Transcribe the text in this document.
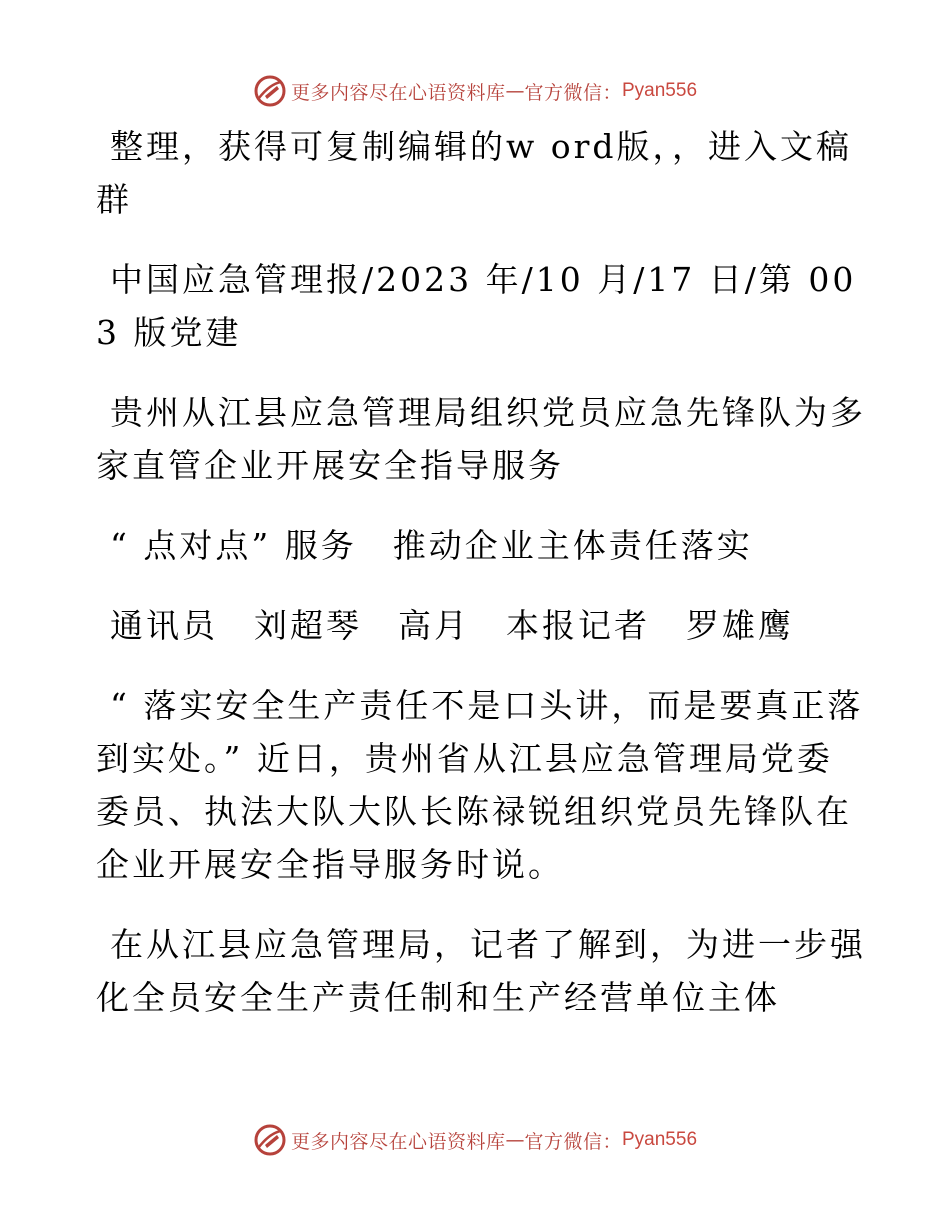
更多内容尽在心语资料库 — 官方微信： Pyan556

整理，获得可复制编辑的w ord版，，进入文稿群

中国应急管理报/2023 年/10 月/17 日/第 003 版党建

贵州从江县应急管理局组织党员应急先锋队为多家直管企业开展安全指导服务

“ 点对点” 服务　推动企业主体责任落实

通讯员　刘超琴　高月　本报记者　罗雄鹰

“ 落实安全生产责任不是口头讲，而是要真正落到实处。” 近日，贵州省从江县应急管理局党委委员、执法大队大队长陈禄锐组织党员先锋队在企业开展安全指导服务时说。

在从江县应急管理局，记者了解到，为进一步强化全员安全生产责任制和生产经营单位主体

更多内容尽在心语资料库 — 官方微信： Pyan556
